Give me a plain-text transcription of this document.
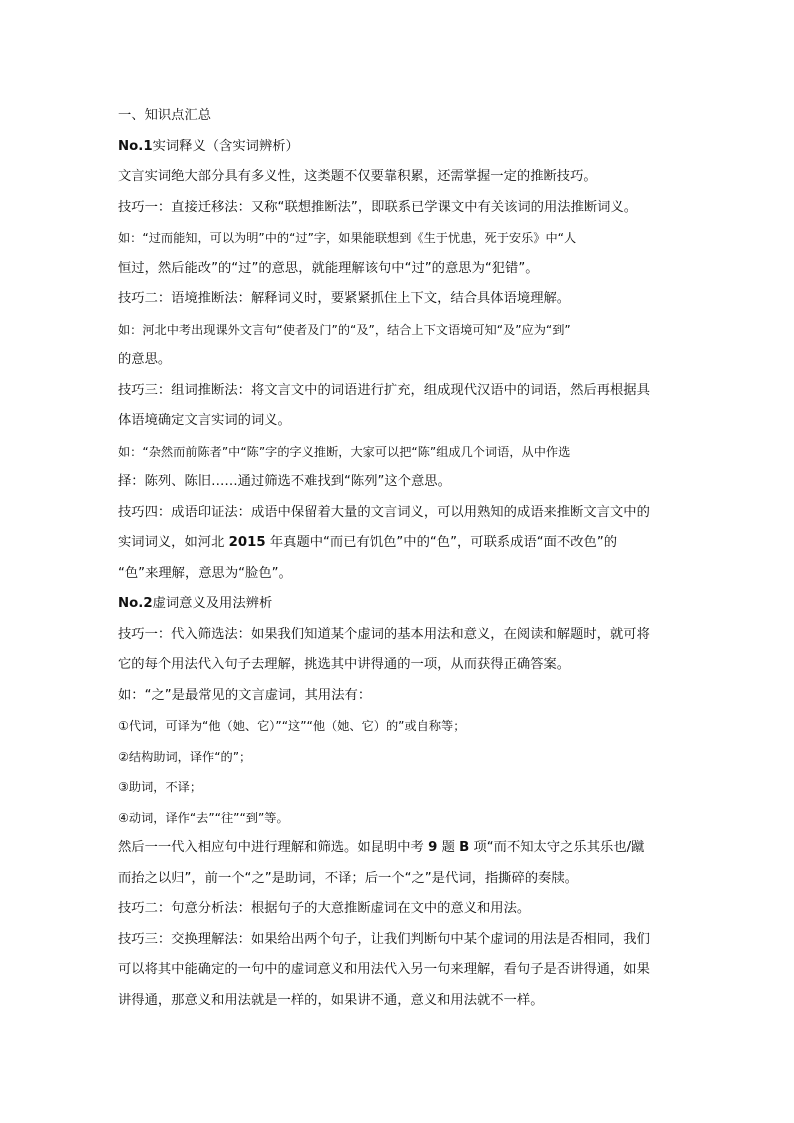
一、知识点汇总
No.1实词释义（含实词辨析）
文言实词绝大部分具有多义性，这类题不仅要靠积累，还需掌握一定的推断技巧。
技巧一：直接迁移法：又称“联想推断法”，即联系已学课文中有关该词的用法推断词义。
如：“过而能知，可以为明”中的“过”字，如果能联想到《生于忧患，死于安乐》中“人
恒过，然后能改”的“过”的意思，就能理解该句中“过”的意思为“犯错”。
技巧二：语境推断法：解释词义时，要紧紧抓住上下文，结合具体语境理解。
如：河北中考出现课外文言句“使者及门”的“及”，结合上下文语境可知“及”应为“到”
的意思。
技巧三：组词推断法：将文言文中的词语进行扩充，组成现代汉语中的词语，然后再根据具
体语境确定文言实词的词义。
如：“杂然而前陈者”中“陈”字的字义推断，大家可以把“陈”组成几个词语，从中作选
择：陈列、陈旧……通过筛选不难找到“陈列”这个意思。
技巧四：成语印证法：成语中保留着大量的文言词义，可以用熟知的成语来推断文言文中的
实词词义，如河北 2015 年真题中“而已有饥色”中的“色”，可联系成语“面不改色”的
“色”来理解，意思为“脸色”。
No.2虚词意义及用法辨析
技巧一：代入筛选法：如果我们知道某个虚词的基本用法和意义，在阅读和解题时，就可将
它的每个用法代入句子去理解，挑选其中讲得通的一项，从而获得正确答案。
如：“之”是最常见的文言虚词，其用法有：
①代词，可译为“他（她、它）”“这”“他（她、它）的”或自称等；
②结构助词，译作“的”；
③助词，不译；
④动词，译作“去”“往”“到”等。
然后一一代入相应句中进行理解和筛选。如昆明中考 9 题 B 项“而不知太守之乐其乐也/蹴
而抬之以归”，前一个“之”是助词，不译；后一个“之”是代词，指撕碎的奏牍。
技巧二：句意分析法：根据句子的大意推断虚词在文中的意义和用法。
技巧三：交换理解法：如果给出两个句子，让我们判断句中某个虚词的用法是否相同，我们
可以将其中能确定的一句中的虚词意义和用法代入另一句来理解，看句子是否讲得通，如果
讲得通，那意义和用法就是一样的，如果讲不通，意义和用法就不一样。
